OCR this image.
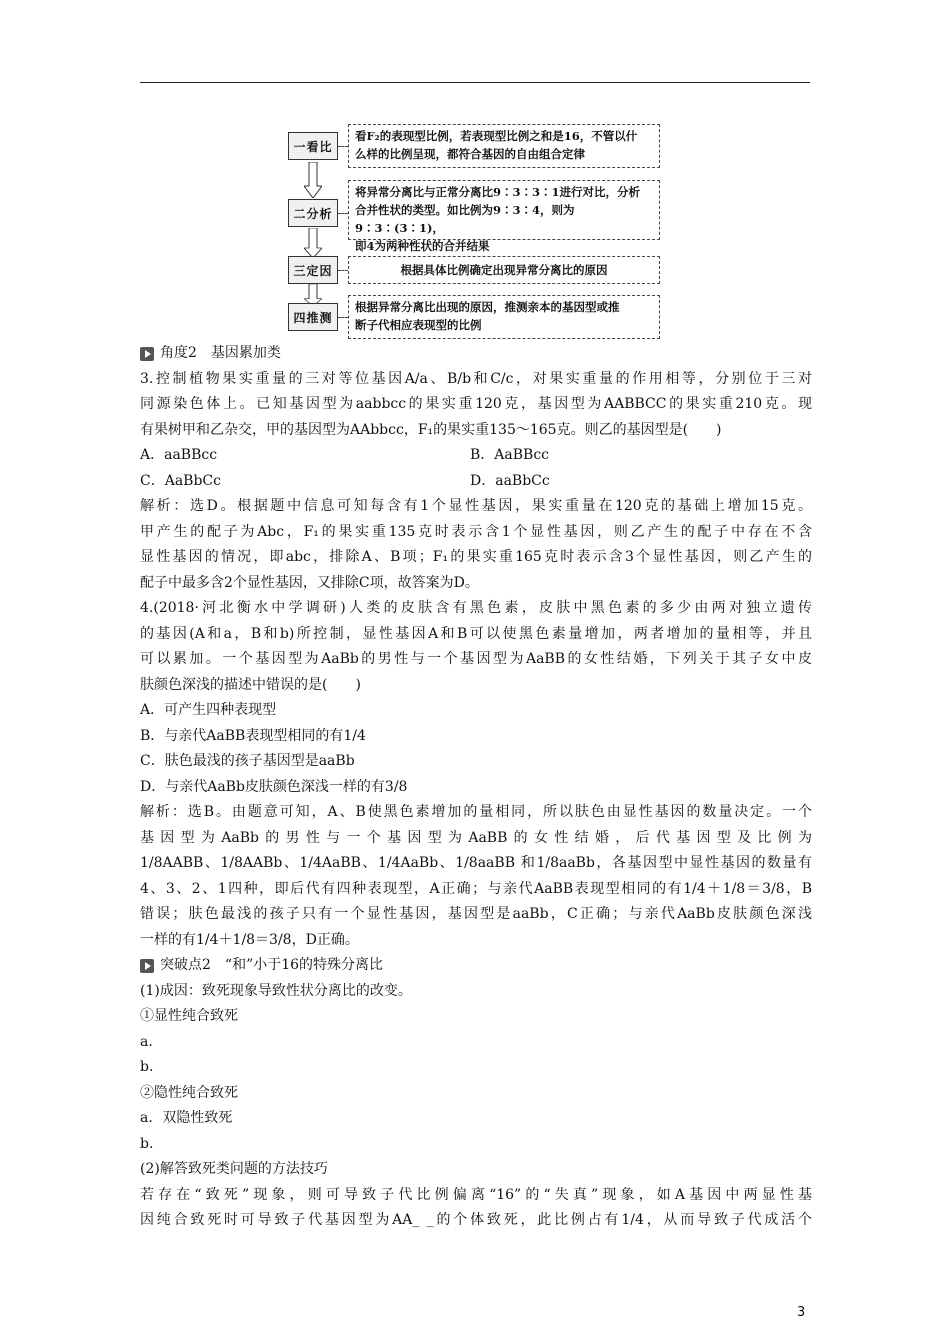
一看比
看F₂的表现型比例，若表现型比例之和是16，不管以什
么样的比例呈现，都符合基因的自由组合定律
二分析
将异常分离比与正常分离比9∶3∶3∶1进行对比，分析
合并性状的类型。如比例为9∶3∶4，则为9∶3∶(3∶1)，
即4为两种性状的合并结果
三定因	根据具体比例确定出现异常分离比的原因
四推测
根据异常分离比出现的原因，推测亲本的基因型或推
断子代相应表现型的比例
角度2　基因累加类
3.控制植物果实重量的三对等位基因A/a、B/b和C/c，对果实重量的作用相等，分别位于三对
同源染色体上。已知基因型为aabbcc的果实重120克，基因型为AABBCC的果实重210克。现
有果树甲和乙杂交，甲的基因型为AAbbcc，F₁的果实重135～165克。则乙的基因型是(　　)
A．aaBBcc	B．AaBBcc
C．AaBbCc	D．aaBbCc
解析：选D。根据题中信息可知每含有1个显性基因，果实重量在120克的基础上增加15克。
甲产生的配子为Abc，F₁的果实重135克时表示含1个显性基因，则乙产生的配子中存在不含
显性基因的情况，即abc，排除A、B项；F₁的果实重165克时表示含3个显性基因，则乙产生的
配子中最多含2个显性基因，又排除C项，故答案为D。
4.(2018·河北衡水中学调研)人类的皮肤含有黑色素，皮肤中黑色素的多少由两对独立遗传
的基因(A和a，B和b)所控制，显性基因A和B可以使黑色素量增加，两者增加的量相等，并且
可以累加。一个基因型为AaBb的男性与一个基因型为AaBB的女性结婚，下列关于其子女中皮
肤颜色深浅的描述中错误的是(　　)
A．可产生四种表现型
B．与亲代AaBB表现型相同的有1/4
C．肤色最浅的孩子基因型是aaBb
D．与亲代AaBb皮肤颜色深浅一样的有3/8
解析：选B。由题意可知，A、B使黑色素增加的量相同，所以肤色由显性基因的数量决定。一个
基因型为AaBb的男性与一个基因型为AaBB的女性结婚，后代基因型及比例为
1/8AABB、1/8AABb、1/4AaBB、1/4AaBb、1/8aaBB 和1/8aaBb，各基因型中显性基因的数量有
4、3、2、1四种，即后代有四种表现型，A正确；与亲代AaBB表现型相同的有1/4＋1/8＝3/8，B
错误；肤色最浅的孩子只有一个显性基因，基因型是aaBb，C正确；与亲代AaBb皮肤颜色深浅
一样的有1/4＋1/8＝3/8，D正确。
突破点2　“和”小于16的特殊分离比
(1)成因：致死现象导致性状分离比的改变。
①显性纯合致死
a.
b.
②隐性纯合致死
a．双隐性致死
b.
(2)解答致死类问题的方法技巧
若存在“致死”现象，则可导致子代比例偏离“16”的“失真”现象，如A基因中两显性基
因纯合致死时可导致子代基因型为AA_ _的个体致死，此比例占有1/4，从而导致子代成活个
3
